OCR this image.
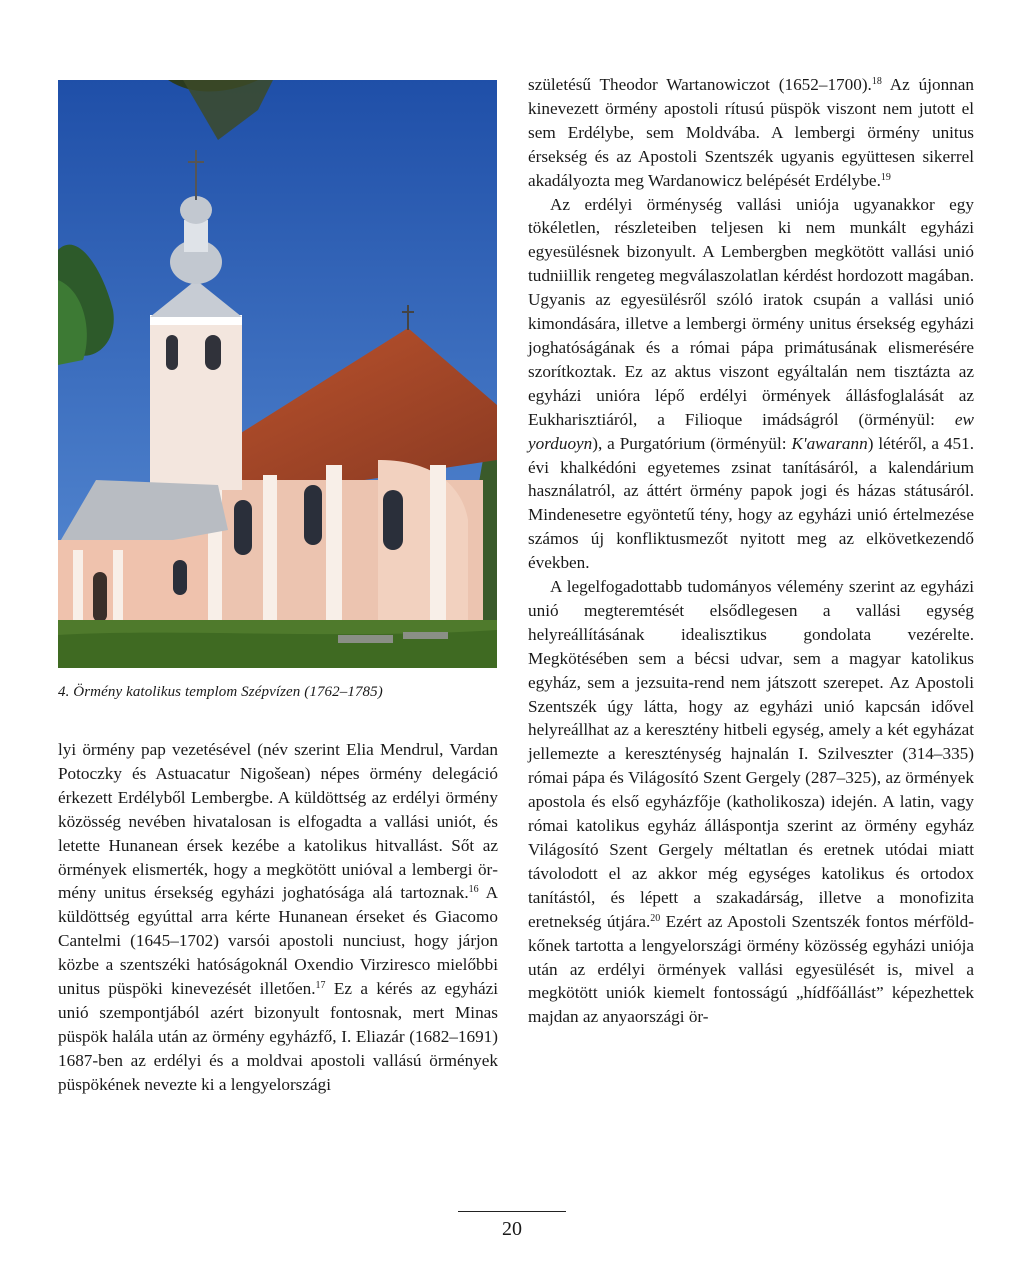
4. Örmény katolikus templom Szépvízen (1762–1785)

lyi örmény pap vezetésével (név szerint Elia Mendrul, Vardan Potoczky és Astuacatur Nigošean) népes örmény delegáció érkezett Erdélyből Lembergbe. A küldöttség az erdélyi örmény közösség nevében hivatalosan is elfogadta a vallási uniót, és letette Hunanean érsek kezébe a katolikus hitvallást. Sőt az örmények elismerték, hogy a megkötött unióval a lembergi örmény unitus érsekség egyházi joghatósága alá tartoznak.$^{16}$ A küldöttség egyúttal arra kérte Hunanean érseket és Giacomo Cantelmi (1645–1702) varsói apostoli nunciust, hogy járjon közbe a szentszéki hatóságoknál Oxendio Virziresco mielőbbi unitus püspöki kinevezését illetően.$^{17}$ Ez a kérés az egyházi unió szempontjából azért bizonyult fontosnak, mert Minas püspök halála után az örmény egyházfő, I. Eliazár (1682–1691) 1687-ben az erdélyi és a moldvai apostoli vallású örmények püspökének nevezte ki a lengyelországi

születésű Theodor Wartanowiczot (1652–1700).$^{18}$ Az újonnan kinevezett örmény apostoli rítusú püspök viszont nem jutott el sem Erdélybe, sem Moldvába. A lembergi örmény unitus érsekség és az Apostoli Szentszék ugyanis együttesen sikerrel akadályozta meg Wardanowicz belépését Erdélybe.$^{19}$

Az erdélyi örménység vallási uniója ugyanakkor egy tökéletlen, részleteiben teljesen ki nem munkált egyházi egyesülésnek bizonyult. A Lembergben megkötött vallási unió tudniillik rengeteg megválaszolatlan kérdést hordozott magában. Ugyanis az egyesülésről szóló iratok csupán a vallási unió kimondására, illetve a lembergi örmény unitus érsekség egyházi joghatóságának és a római pápa primátusának elismerésére szorítkoztak. Ez az aktus viszont egyáltalán nem tisztázta az egyházi unióra lépő erdélyi örmények állásfoglalását az Eukharisztiáról, a Filioque imádságról (örményül: ew yorduoyn), a Purgatórium (örményül: K'awarann) létéről, a 451. évi khalkédóni egyetemes zsinat tanításáról, a kalendárium használatról, az áttért örmény papok jogi és házas státusáról. Mindenesetre egyöntetű tény, hogy az egyházi unió értelmezése számos új konfliktusmezőt nyitott meg az elkövetkezendő években.

A legelfogadottabb tudományos vélemény szerint az egyházi unió megteremtését elsődlegesen a vallási egység helyreállításának idealisztikus gondolata vezérelte. Megkötésében sem a bécsi udvar, sem a magyar katolikus egyház, sem a jezsuita-rend nem játszott szerepet. Az Apostoli Szentszék úgy látta, hogy az egyházi unió kapcsán idővel helyreállhat az a keresztény hitbeli egység, amely a két egyházat jellemezte a kereszténység hajnalán I. Szilveszter (314–335) római pápa és Világosító Szent Gergely (287–325), az örmények apostola és első egyházfője (katholikosza) idején. A latin, vagy római katolikus egyház álláspontja szerint az örmény egyház Világosító Szent Gergely méltatlan és eretnek utódai miatt távolodott el az akkor még egységes katolikus és ortodox tanítástól, és lépett a szakadárság, illetve a monofizita eretnekség útjára.$^{20}$ Ezért az Apostoli Szentszék fontos mérföldkőnek tartotta a lengyelországi örmény közösség egyházi uniója után az erdélyi örmények vallási egyesülését is, mivel a megkötött uniók kiemelt fontosságú „hídfőállást” képezhettek majdan az anyaországi ör-

20
